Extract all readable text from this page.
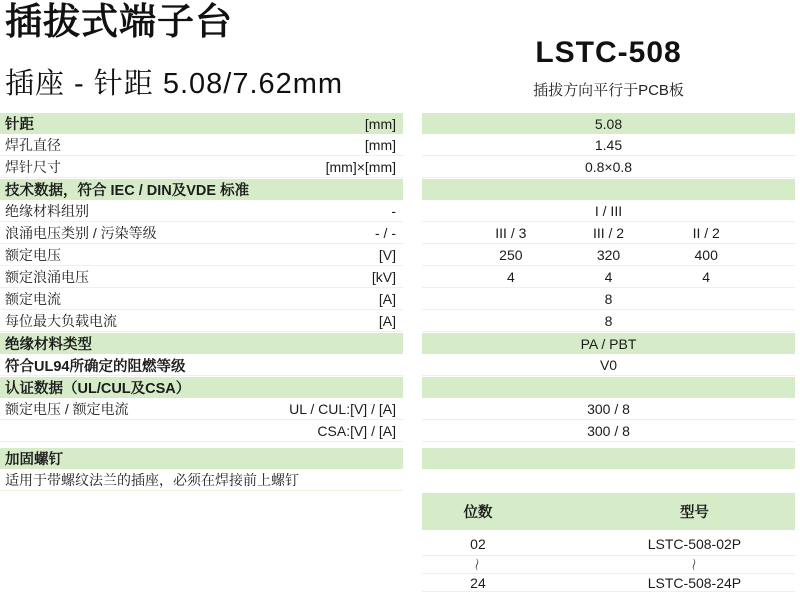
插拔式端子台
插座 - 针距 5.08/7.62mm
LSTC-508
插拔方向平行于PCB板
针距	[mm]	5.08
焊孔直径	[mm]	1.45
焊针尺寸	[mm]×[mm]	0.8×0.8
技术数据，符合 IEC / DIN及VDE 标准
绝缘材料组别	-	I / III
浪涌电压类别 / 污染等级	- / -	III / 3	III / 2	II / 2
额定电压	[V]	250	320	400
额定浪涌电压	[kV]	4	4	4
额定电流	[A]	8
每位最大负载电流	[A]	8
绝缘材料类型	PA / PBT
符合UL94所确定的阻燃等级	V0
认证数据（UL/CUL及CSA）
额定电压 / 额定电流	UL / CUL:[V] / [A]	300 / 8
CSA:[V] / [A]	300 / 8
加固螺钉
适用于带螺纹法兰的插座，必须在焊接前上螺钉
位数	型号
02	LSTC-508-02P
〜	〜
24	LSTC-508-24P
